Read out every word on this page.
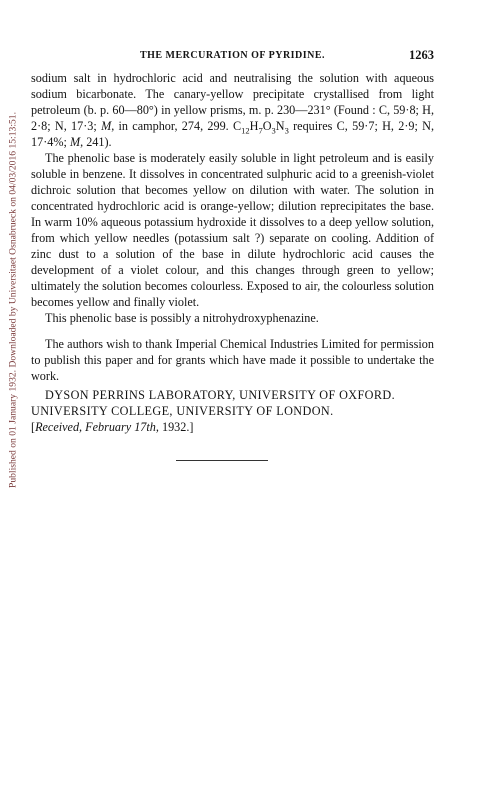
Published on 01 January 1932. Downloaded by Universitaet Osnabrueck on 04/03/2016 15:13:51.
THE MERCURATION OF PYRIDINE.	1263

sodium salt in hydrochloric acid and neutralising the solution with aqueous sodium bicarbonate. The canary-yellow precipitate crystallised from light petroleum (b. p. 60—80°) in yellow prisms, m. p. 230—231° (Found : C, 59·8; H, 2·8; N, 17·3; M, in camphor, 274, 299. $C_{12}H_7O_3N_3$ requires C, 59·7; H, 2·9; N, 17·4%; M, 241).

The phenolic base is moderately easily soluble in light petroleum and is easily soluble in benzene. It dissolves in concentrated sulphuric acid to a greenish-violet dichroic solution that becomes yellow on dilution with water. The solution in concentrated hydrochloric acid is orange-yellow; dilution reprecipitates the base. In warm 10% aqueous potassium hydroxide it dissolves to a deep yellow solution, from which yellow needles (potassium salt ?) separate on cooling. Addition of zinc dust to a solution of the base in dilute hydrochloric acid causes the development of a violet colour, and this changes through green to yellow; ultimately the solution becomes colourless. Exposed to air, the colourless solution becomes yellow and finally violet.

This phenolic base is possibly a nitrohydroxyphenazine.

The authors wish to thank Imperial Chemical Industries Limited for permission to publish this paper and for grants which have made it possible to undertake the work.

DYSON PERRINS LABORATORY, UNIVERSITY OF OXFORD.

UNIVERSITY COLLEGE, UNIVERSITY OF LONDON.

[Received, February 17th, 1932.]
